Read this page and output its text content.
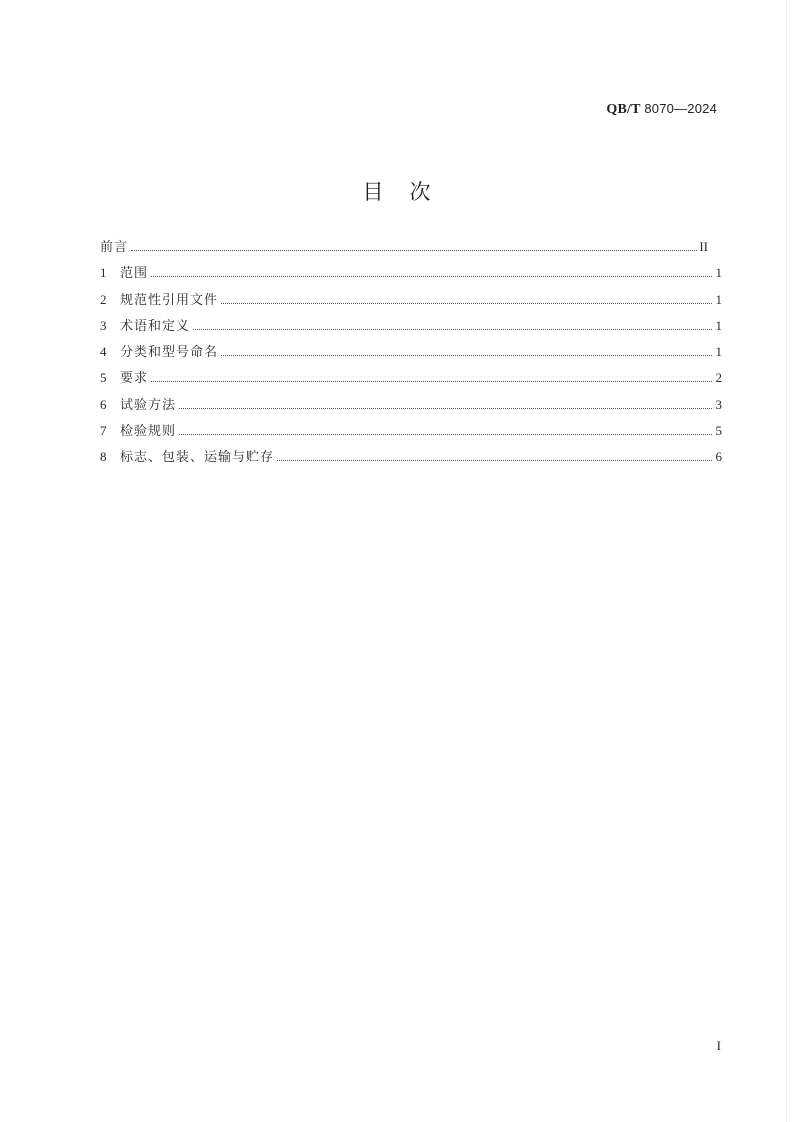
QB/T 8070—2024
目次
前言	II
1	范围	1
2	规范性引用文件	1
3	术语和定义	1
4	分类和型号命名	1
5	要求	2
6	试验方法	3
7	检验规则	5
8	标志、包装、运输与贮存	6
I
